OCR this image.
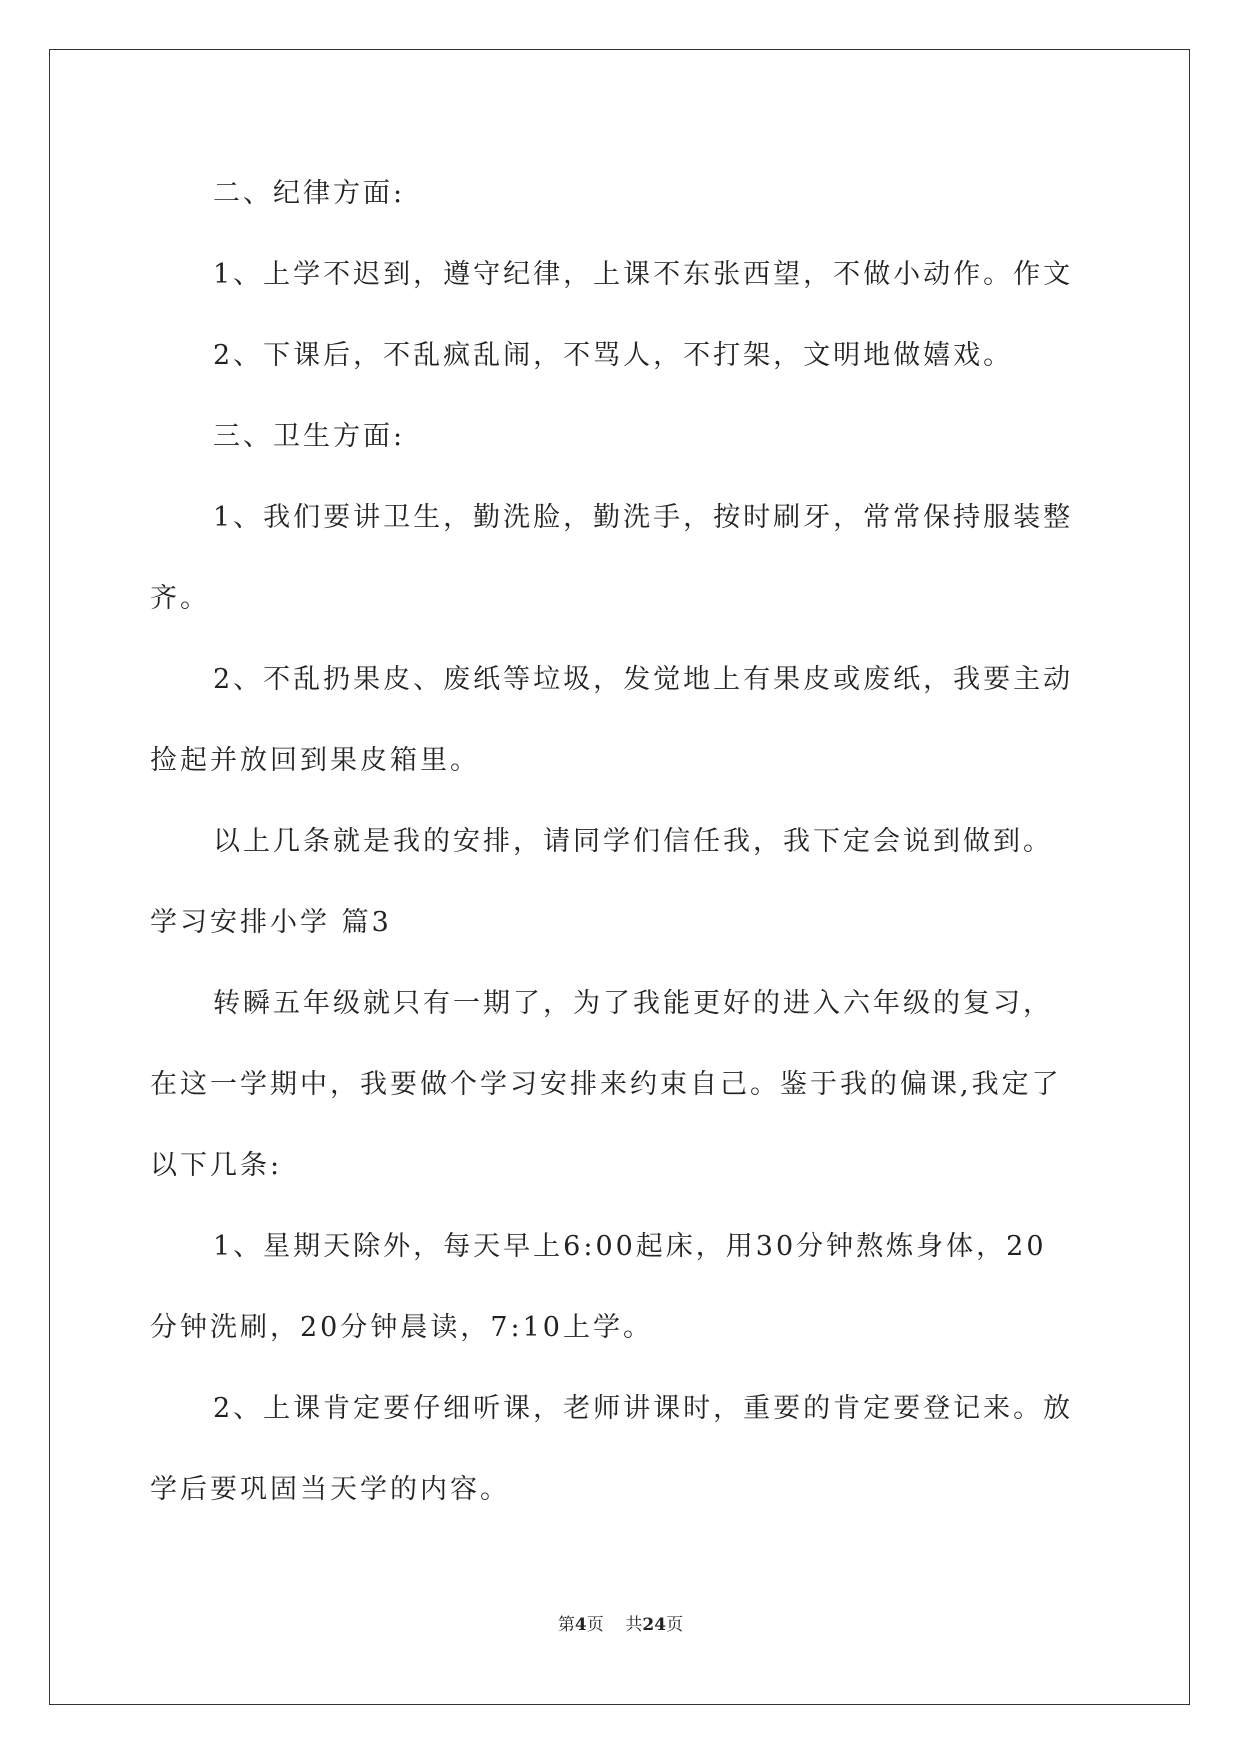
二、纪律方面:
1、上学不迟到，遵守纪律，上课不东张西望，不做小动作。作文
2、下课后，不乱疯乱闹，不骂人，不打架，文明地做嬉戏。
三、卫生方面:
1、我们要讲卫生，勤洗脸，勤洗手，按时刷牙，常常保持服装整
齐。
2、不乱扔果皮、废纸等垃圾，发觉地上有果皮或废纸，我要主动
捡起并放回到果皮箱里。
以上几条就是我的安排，请同学们信任我，我下定会说到做到。
学习安排小学 篇3
转瞬五年级就只有一期了，为了我能更好的进入六年级的复习，
在这一学期中，我要做个学习安排来约束自己。鉴于我的偏课,我定了
以下几条:
1、星期天除外，每天早上6:00起床，用30分钟熬炼身体，20
分钟洗刷，20分钟晨读，7:10上学。
2、上课肯定要仔细听课，老师讲课时，重要的肯定要登记来。放
学后要巩固当天学的内容。
第4页 共24页
